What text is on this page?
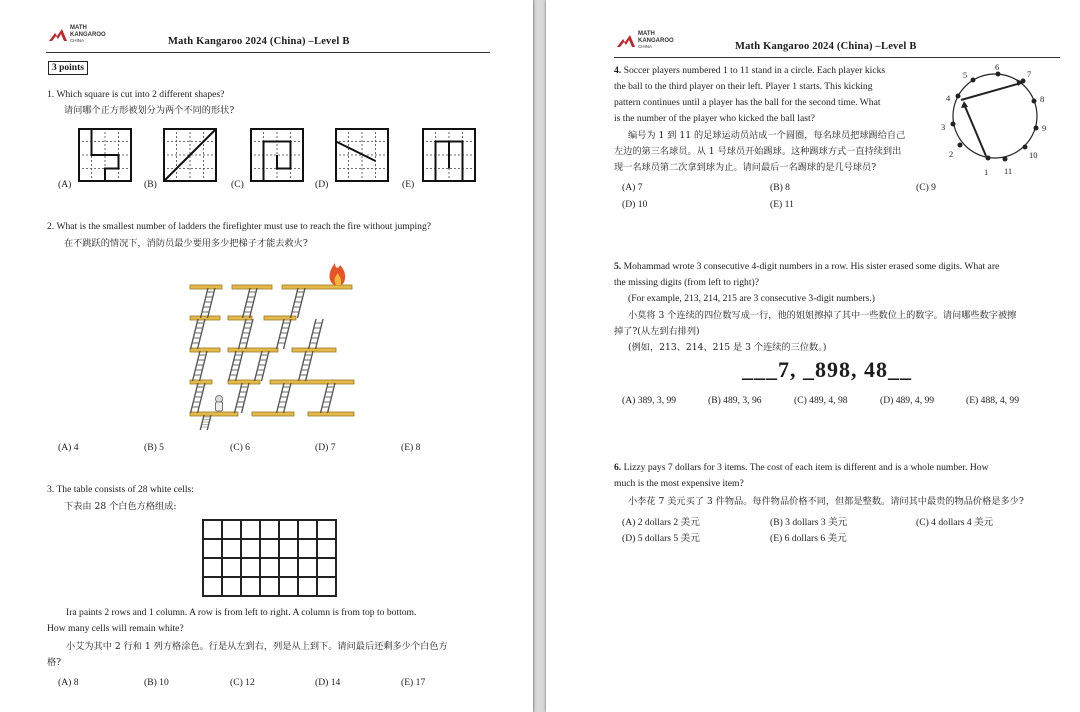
MATH
KANGAROO
CHINA	Math Kangaroo 2024 (China) –Level B
3 points
1. Which square is cut into 2 different shapes?
请问哪个正方形被划分为两个不同的形状?
(A)	(B)	(C)	(D)	(E)
2. What is the smallest number of ladders the firefighter must use to reach the fire without jumping?
在不跳跃的情况下，消防员最少要用多少把梯子才能去救火?
(A) 4	(B) 5	(C) 6	(D) 7	(E) 8
3. The table consists of 28 white cells:
下表由 28 个白色方格组成:

Ira paints 2 rows and 1 column. A row is from left to right. A column is from top to bottom.
How many cells will remain white?
小艾为其中 2 行和 1 列方格涂色。行是从左到右，列是从上到下。请问最后还剩多少个白色方
格?
(A) 8	(B) 10	(C) 12	(D) 14	(E) 17
MATH
KANGAROO
CHINA	Math Kangaroo 2024 (China) –Level B
4. Soccer players numbered 1 to 11 stand in a circle. Each player kicks
the ball to the third player on their left. Player 1 starts. This kicking
pattern continues until a player has the ball for the second time. What
is the number of the player who kicked the ball last?
编号为 1 到 11 的足球运动员站成一个圆圈，每名球员把球踢给自己
左边的第三名球员。从 1 号球员开始踢球。这种踢球方式一直持续到出
现一名球员第二次拿到球为止。请问最后一名踢球的是几号球员?	1
2
3
4
5
6
7
8
9
10
11
(A) 7	(B) 8	(C) 9
(D) 10	(E) 11
5. Mohammad wrote 3 consecutive 4-digit numbers in a row. His sister erased some digits. What are
the missing digits (from left to right)?
(For example, 213, 214, 215 are 3 consecutive 3-digit numbers.)
小莫将 3 个连续的四位数写成一行，他的姐姐擦掉了其中一些数位上的数字。请问哪些数字被擦
掉了?(从左到右排列)
(例如，213、214、215 是 3 个连续的三位数。)
___7, _898, 48__
(A) 389, 3, 99	(B) 489, 3, 96	(C) 489, 4, 98	(D) 489, 4, 99	(E) 488, 4, 99
6. Lizzy pays 7 dollars for 3 items. The cost of each item is different and is a whole number. How
much is the most expensive item?
小李花 7 美元买了 3 件物品。每件物品价格不同，但都是整数。请问其中最贵的物品价格是多少?
(A) 2 dollars 2 美元	(B) 3 dollars 3 美元	(C) 4 dollars 4 美元
(D) 5 dollars 5 美元	(E) 6 dollars 6 美元
